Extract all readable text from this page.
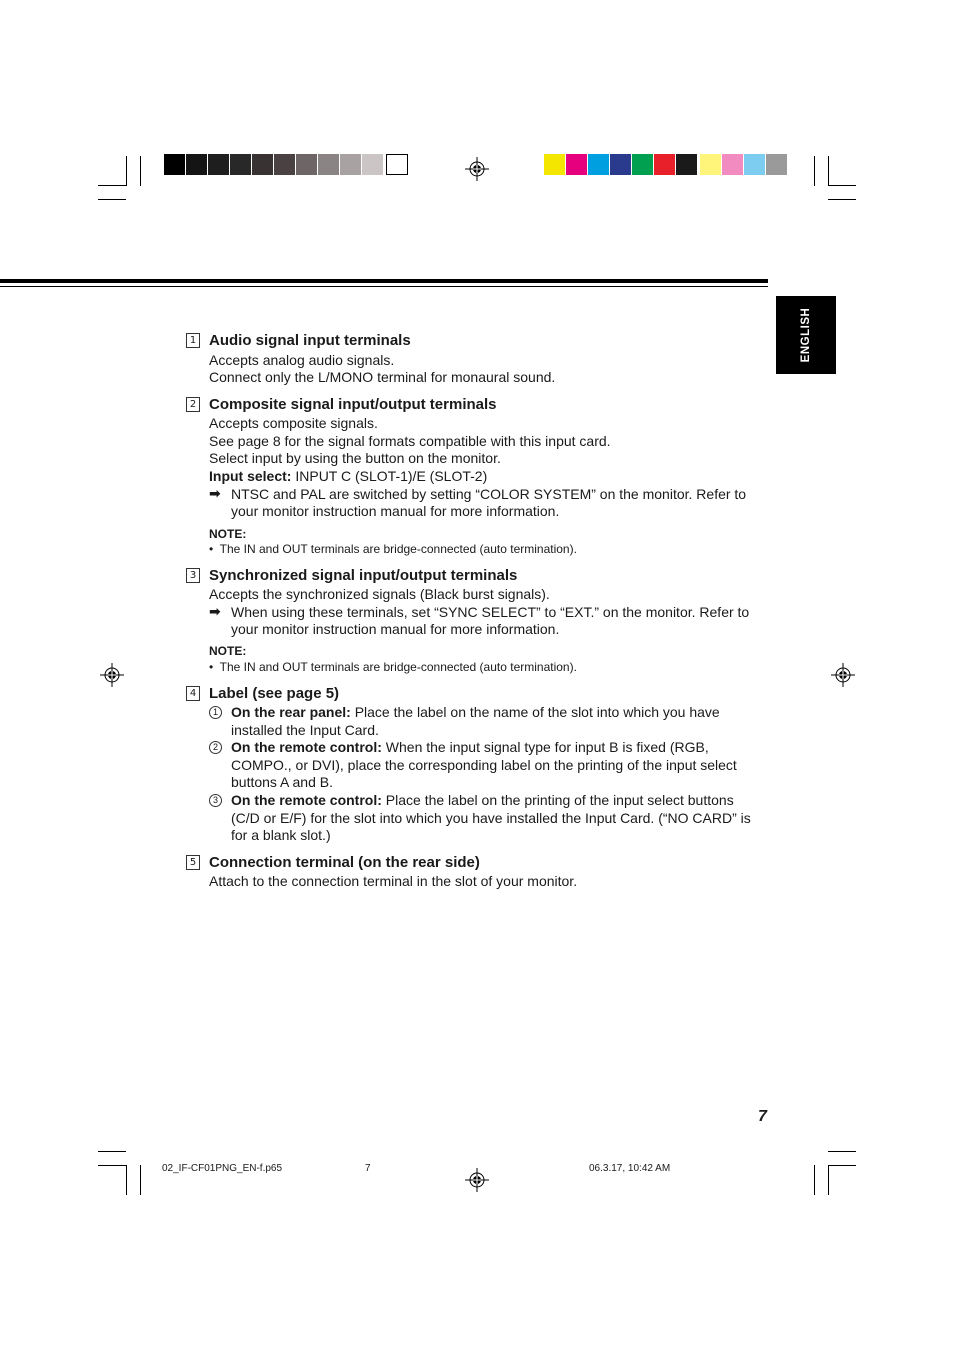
ENGLISH
1 Audio signal input terminals
Accepts analog audio signals.
Connect only the L/MONO terminal for monaural sound.
2 Composite signal input/output terminals
Accepts composite signals.
See page 8 for the signal formats compatible with this input card.
Select input by using the button on the monitor.
Input select: INPUT C (SLOT-1)/E (SLOT-2)
➡ NTSC and PAL are switched by setting “COLOR SYSTEM” on the monitor. Refer to
your monitor instruction manual for more information.
NOTE:
•  The IN and OUT terminals are bridge-connected (auto termination).
3 Synchronized signal input/output terminals
Accepts the synchronized signals (Black burst signals).
➡ When using these terminals, set “SYNC SELECT” to “EXT.” on the monitor. Refer to
your monitor instruction manual for more information.
NOTE:
•  The IN and OUT terminals are bridge-connected (auto termination).
4 Label (see page 5)
1 On the rear panel: Place the label on the name of the slot into which you have
installed the Input Card.
2 On the remote control: When the input signal type for input B is fixed (RGB,
COMPO., or DVI), place the corresponding label on the printing of the input select
buttons A and B.
3 On the remote control: Place the label on the printing of the input select buttons
(C/D or E/F) for the slot into which you have installed the Input Card. (“NO CARD” is
for a blank slot.)
5 Connection terminal (on the rear side)
Attach to the connection terminal in the slot of your monitor.
7
02_IF-CF01PNG_EN-f.p65	7	06.3.17, 10:42 AM
